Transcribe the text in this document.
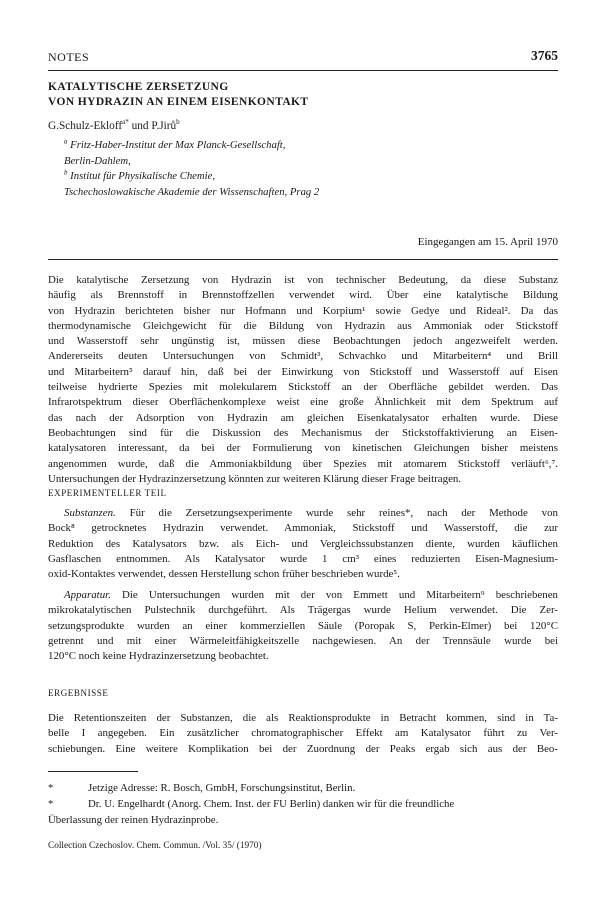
NOTES	3765
KATALYTISCHE ZERSETZUNG
VON HYDRAZIN AN EINEM EISENKONTAKT
G.Schulz-Ekloff$^{a*}$ und P.Jirů$^b$
$^a$ Fritz-Haber-Institut der Max Planck-Gesellschaft,
Berlin-Dahlem,
$^b$ Institut für Physikalische Chemie,
Tschechoslowakische Akademie der Wissenschaften, Prag 2
Eingegangen am 15. April 1970
Die katalytische Zersetzung von Hydrazin ist von technischer Bedeutung, da diese Substanz
häufig als Brennstoff in Brennstoffzellen verwendet wird. Über eine katalytische Bildung
von Hydrazin berichteten bisher nur Hofmann und Korpium¹ sowie Gedye und Rideal². Da das
thermodynamische Gleichgewicht für die Bildung von Hydrazin aus Ammoniak oder Stickstoff
und Wasserstoff sehr ungünstig ist, müssen diese Beobachtungen jedoch angezweifelt werden.
Andererseits deuten Untersuchungen von Schmidt³, Schvachko und Mitarbeitern⁴ und Brill
und Mitarbeitern⁵ darauf hin, daß bei der Einwirkung von Stickstoff und Wasserstoff auf Eisen
teilweise hydrierte Spezies mit molekularem Stickstoff an der Oberfläche gebildet werden. Das
Infrarotspektrum dieser Oberflächenkomplexe weist eine große Ähnlichkeit mit dem Spektrum auf
das nach der Adsorption von Hydrazin am gleichen Eisenkatalysator erhalten wurde. Diese
Beobachtungen sind für die Diskussion des Mechanismus der Stickstoffaktivierung an Eisen-
katalysatoren interessant, da bei der Formulierung von kinetischen Gleichungen bisher meistens
angenommen wurde, daß die Ammoniakbildung über Spezies mit atomarem Stickstoff verläuft⁶,⁷.
Untersuchungen der Hydrazinzersetzung könnten zur weiteren Klärung dieser Frage beitragen.
EXPERIMENTELLER TEIL
Substanzen. Für die Zersetzungsexperimente wurde sehr reines*, nach der Methode von
Bock⁸ getrocknetes Hydrazin verwendet. Ammoniak, Stickstoff und Wasserstoff, die zur
Reduktion des Katalysators bzw. als Eich- und Vergleichssubstanzen diente, wurden käuflichen
Gasflaschen entnommen. Als Katalysator wurde 1 cm³ eines reduzierten Eisen-Magnesium-
oxid-Kontaktes verwendet, dessen Herstellung schon früher beschrieben wurde⁵.
Apparatur. Die Untersuchungen wurden mit der von Emmett und Mitarbeitern⁹ beschriebenen
mikrokatalytischen Pulstechnik durchgeführt. Als Trägergas wurde Helium verwendet. Die Zer-
setzungsprodukte wurden an einer kommerziellen Säule (Poropak S, Perkin-Elmer) bei 120°C
getrennt und mit einer Wärmeleitfähigkeitszelle nachgewiesen. An der Trennsäule wurde bei
120°C noch keine Hydrazinzersetzung beobachtet.
ERGEBNISSE
Die Retentionszeiten der Substanzen, die als Reaktionsprodukte in Betracht kommen, sind in Ta-
belle I angegeben. Ein zusätzlicher chromatographischer Effekt am Katalysator führt zu Ver-
schiebungen. Eine weitere Komplikation bei der Zuordnung der Peaks ergab sich aus der Beo-
*	Jetzige Adresse: R. Bosch, GmbH, Forschungsinstitut, Berlin.
*	Dr. U. Engelhardt (Anorg. Chem. Inst. der FU Berlin) danken wir für die freundliche
Überlassung der reinen Hydrazinprobe.
Collection Czechoslov. Chem. Commun. /Vol. 35/ (1970)
